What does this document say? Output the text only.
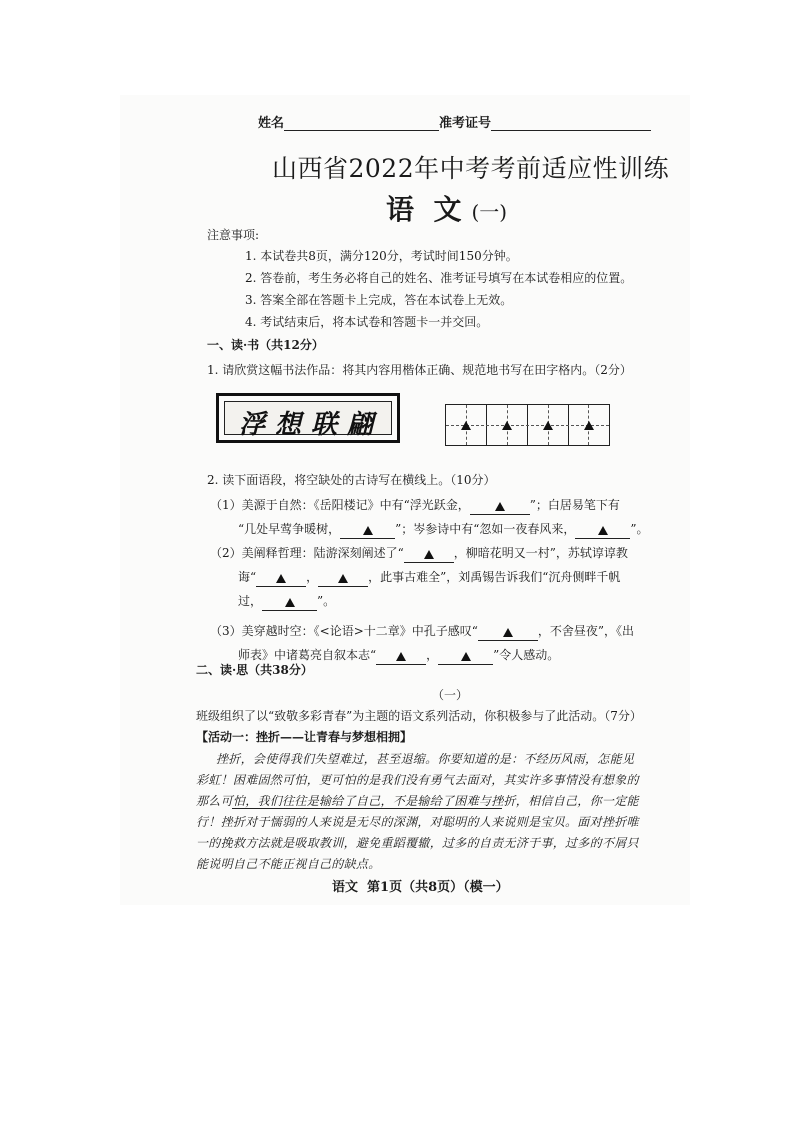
姓名	准考证号
山西省2022年中考考前适应性训练
语  文 (一)
注意事项:
1. 本试卷共8页，满分120分，考试时间150分钟。
2. 答卷前，考生务必将自己的姓名、准考证号填写在本试卷相应的位置。
3. 答案全部在答题卡上完成，答在本试卷上无效。
4. 考试结束后，将本试卷和答题卡一并交回。
一、读·书（共12分）
1. 请欣赏这幅书法作品：将其内容用楷体正确、规范地书写在田字格内。（2分）
浮想联翩
2. 读下面语段，将空缺处的古诗写在横线上。（10分）
（1）美源于自然：《岳阳楼记》中有“浮光跃金，	”；白居易笔下有
“几处早莺争暖树，	”；岑参诗中有“忽如一夜春风来，	”。
（2）美阐释哲理：陆游深刻阐述了“	，柳暗花明又一村”，苏轼谆谆教
诲“	，	，此事古难全”，刘禹锡告诉我们“沉舟侧畔千帆
过，	”。
（3）美穿越时空：《<论语>十二章》中孔子感叹“	，不舍昼夜”，《出
师表》中诸葛亮自叙本志“	，	”令人感动。
二、读·思（共38分）
（一）
班级组织了以“致敬多彩青春”为主题的语文系列活动，你积极参与了此活动。（7分）
【活动一：挫折——让青春与梦想相拥】
挫折，会使得我们失望难过，甚至退缩。你要知道的是：不经历风雨，怎能见
彩虹！困难固然可怕，更可怕的是我们没有勇气去面对，其实许多事情没有想象的
那么可怕，我们往往是输给了自己，不是输给了困难与挫折，相信自己，你一定能
行！挫折对于懦弱的人来说是无尽的深渊，对聪明的人来说则是宝贝。面对挫折唯
一的挽救方法就是吸取教训，避免重蹈覆辙，过多的自责无济于事，过多的不屑只
能说明自己不能正视自己的缺点。
语文  第1页（共8页）（模一）
